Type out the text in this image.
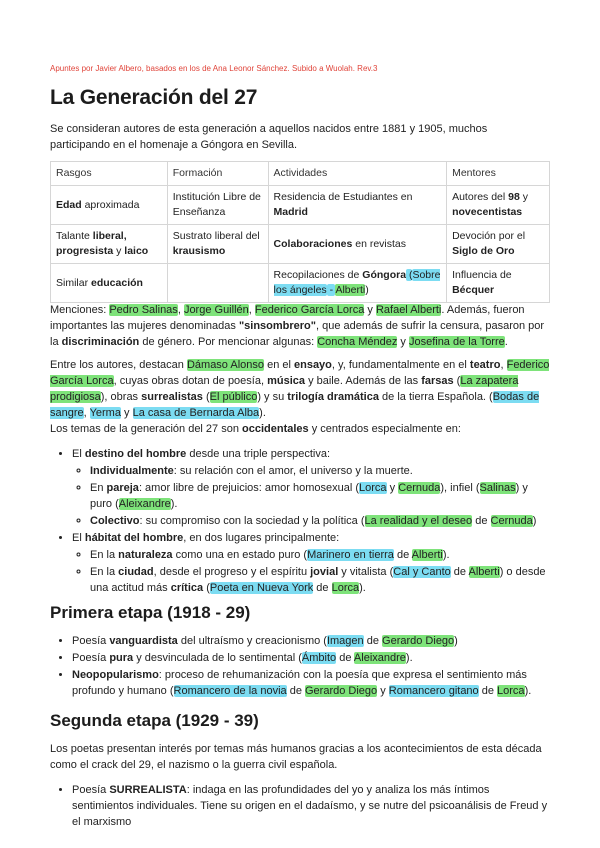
Apuntes por Javier Albero, basados en los de Ana Leonor Sánchez. Subido a Wuolah. Rev.3
La Generación del 27

Se consideran autores de esta generación a aquellos nacidos entre 1881 y 1905, muchos participando en el homenaje a Góngora en Sevilla.

Rasgos	Formación	Actividades	Mentores
Edad aproximada	Institución Libre de Enseñanza	Residencia de Estudiantes en Madrid	Autores del 98 y novecentistas
Talante liberal, progresista y laico	Sustrato liberal del krausismo	Colaboraciones en revistas	Devoción por el Siglo de Oro
Similar educación		Recopilaciones de Góngora (Sobre los ángeles - Alberti)	Influencia de Bécquer

Menciones: Pedro Salinas, Jorge Guillén, Federico García Lorca y Rafael Alberti. Además, fueron importantes las mujeres denominadas "sinsombrero", que además de sufrir la censura, pasaron por la discriminación de género. Por mencionar algunas: Concha Méndez y Josefina de la Torre.

Entre los autores, destacan Dámaso Alonso en el ensayo, y, fundamentalmente en el teatro, Federico García Lorca, cuyas obras dotan de poesía, música y baile. Además de las farsas (La zapatera prodigiosa), obras surrealistas (El público) y su trilogía dramática de la tierra Española. (Bodas de sangre, Yerma y La casa de Bernarda Alba).

Los temas de la generación del 27 son occidentales y centrados especialmente en:

• El destino del hombre desde una triple perspectiva:
◦ Individualmente: su relación con el amor, el universo y la muerte.
◦ En pareja: amor libre de prejuicios: amor homosexual (Lorca y Cernuda), infiel (Salinas) y puro (Aleixandre).
◦ Colectivo: su compromiso con la sociedad y la política (La realidad y el deseo de Cernuda)
• El hábitat del hombre, en dos lugares principalmente:
◦ En la naturaleza como una en estado puro (Marinero en tierra de Alberti).
◦ En la ciudad, desde el progreso y el espíritu jovial y vitalista (Cal y Canto de Alberti) o desde una actitud más crítica (Poeta en Nueva York de Lorca).
Primera etapa (1918 - 29)
• Poesía vanguardista del ultraísmo y creacionismo (Imagen de Gerardo Diego)
• Poesía pura y desvinculada de lo sentimental (Ámbito de Aleixandre).
• Neopopularismo: proceso de rehumanización con la poesía que expresa el sentimiento más profundo y humano (Romancero de la novia de Gerardo Diego y Romancero gitano de Lorca).
Segunda etapa (1929 - 39)

Los poetas presentan interés por temas más humanos gracias a los acontecimientos de esta década como el crack del 29, el nazismo o la guerra civil española.

• Poesía SURREALISTA: indaga en las profundidades del yo y analiza los más íntimos sentimientos individuales. Tiene su origen en el dadaísmo, y se nutre del psicoanálisis de Freud y el marxismo
